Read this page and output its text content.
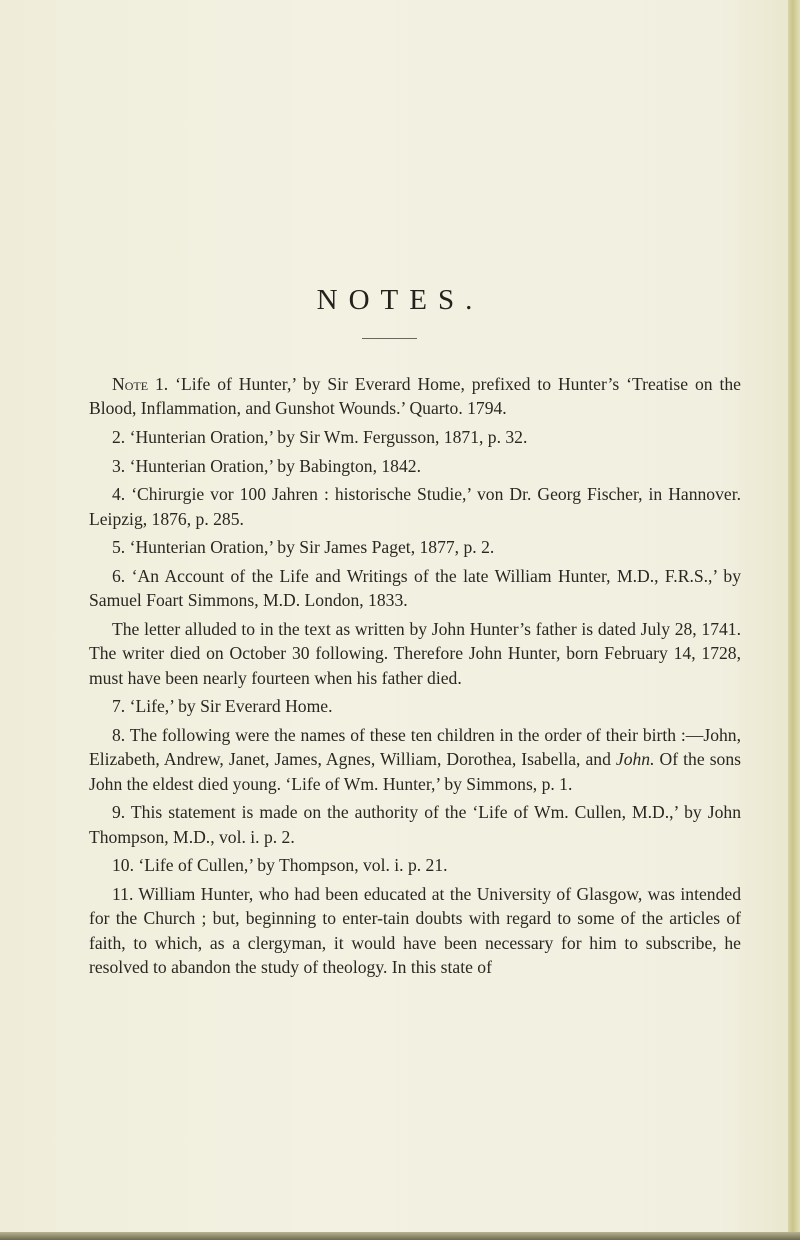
NOTES.

Note 1. ‘Life of Hunter,’ by Sir Everard Home, prefixed to Hunter’s ‘Treatise on the Blood, Inflammation, and Gunshot Wounds.’ Quarto. 1794.

2. ‘Hunterian Oration,’ by Sir Wm. Fergusson, 1871, p. 32.

3. ‘Hunterian Oration,’ by Babington, 1842.

4. ‘Chirurgie vor 100 Jahren : historische Studie,’ von Dr. Georg Fischer, in Hannover. Leipzig, 1876, p. 285.

5. ‘Hunterian Oration,’ by Sir James Paget, 1877, p. 2.

6. ‘An Account of the Life and Writings of the late William Hunter, M.D., F.R.S.,’ by Samuel Foart Simmons, M.D. London, 1833.

The letter alluded to in the text as written by John Hunter’s father is dated July 28, 1741. The writer died on October 30 following. Therefore John Hunter, born February 14, 1728, must have been nearly fourteen when his father died.

7. ‘Life,’ by Sir Everard Home.

8. The following were the names of these ten children in the order of their birth :—John, Elizabeth, Andrew, Janet, James, Agnes, William, Dorothea, Isabella, and John. Of the sons John the eldest died young. ‘Life of Wm. Hunter,’ by Simmons, p. 1.

9. This statement is made on the authority of the ‘Life of Wm. Cullen, M.D.,’ by John Thompson, M.D., vol. i. p. 2.

10. ‘Life of Cullen,’ by Thompson, vol. i. p. 21.

11. William Hunter, who had been educated at the University of Glasgow, was intended for the Church ; but, beginning to enter-tain doubts with regard to some of the articles of faith, to which, as a clergyman, it would have been necessary for him to subscribe, he resolved to abandon the study of theology. In this state of
